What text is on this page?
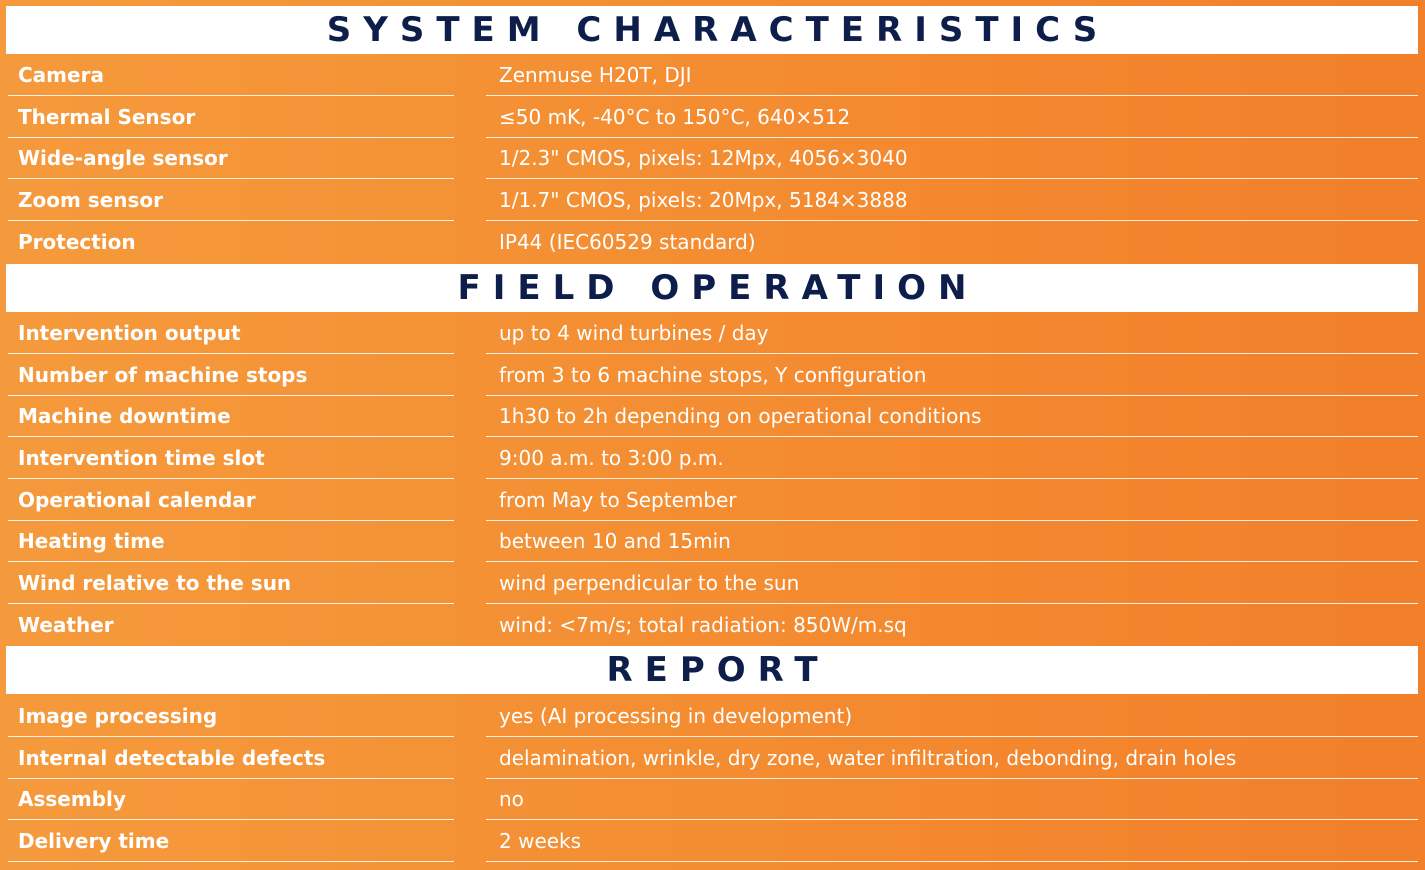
SYSTEM CHARACTERISTICS
Camera	Zenmuse H20T, DJI
Thermal Sensor	≤50 mK, -40°C to 150°C, 640×512
Wide-angle sensor	1/2.3" CMOS, pixels: 12Mpx, 4056×3040
Zoom sensor	1/1.7" CMOS, pixels: 20Mpx, 5184×3888
Protection	IP44 (IEC60529 standard)
FIELD OPERATION
Intervention output	up to 4 wind turbines / day
Number of machine stops	from 3 to 6 machine stops, Y configuration
Machine downtime	1h30 to 2h depending on operational conditions
Intervention time slot	9:00 a.m. to 3:00 p.m.
Operational calendar	from May to September
Heating time	between 10 and 15min
Wind relative to the sun	wind perpendicular to the sun
Weather	wind: <7m/s; total radiation: 850W/m.sq
REPORT
Image processing	yes (AI processing in development)
Internal detectable defects	delamination, wrinkle, dry zone, water infiltration, debonding, drain holes
Assembly	no
Delivery time	2 weeks
